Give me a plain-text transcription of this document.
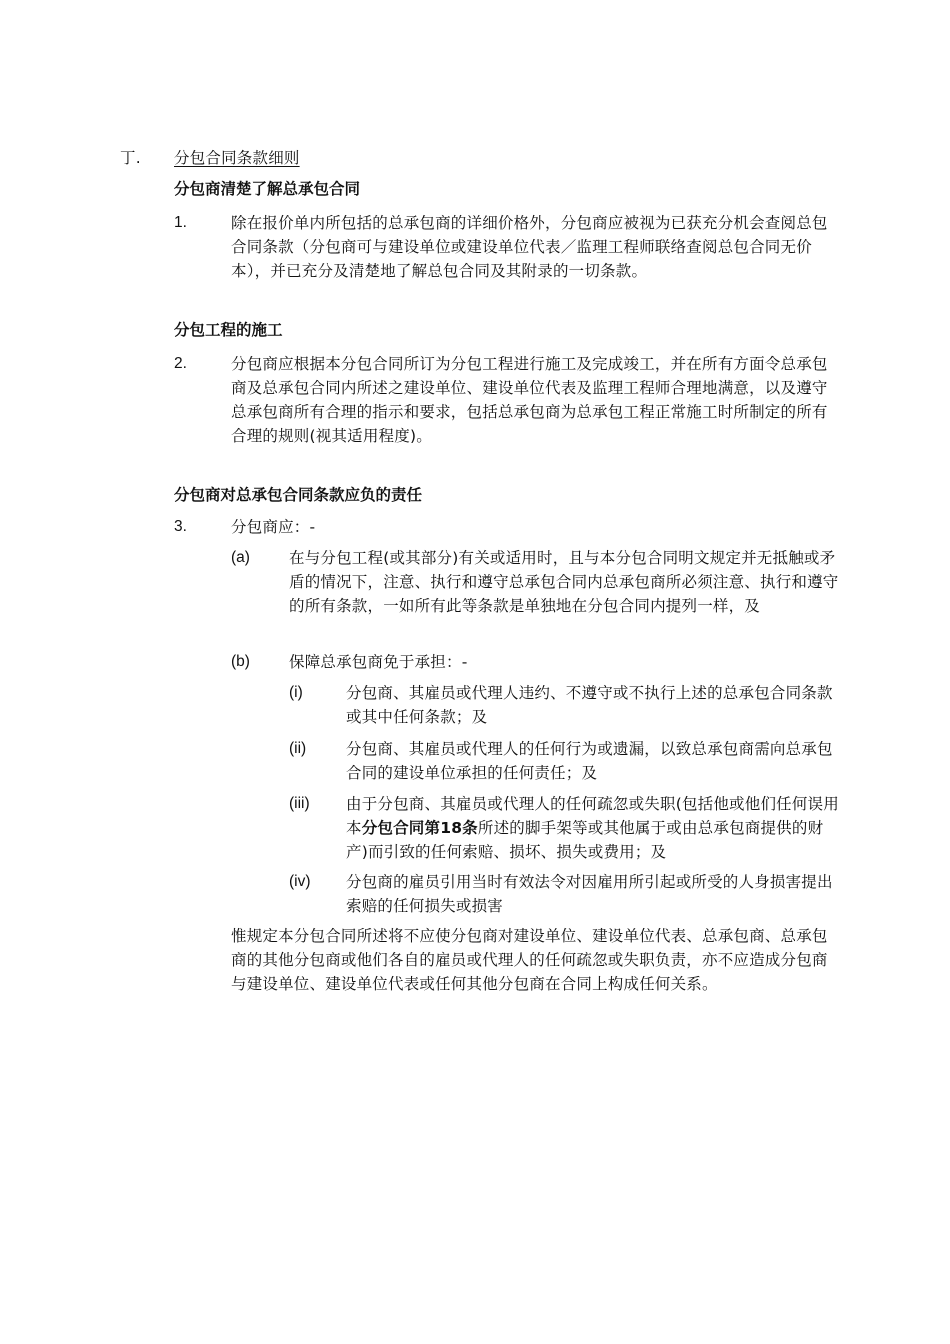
丁. 分包合同条款细则
分包商清楚了解总承包合同
1.	除在报价单内所包括的总承包商的详细价格外，分包商应被视为已获充分机会查阅总包合同条款（分包商可与建设单位或建设单位代表／监理工程师联络查阅总包合同无价本），并已充分及清楚地了解总包合同及其附录的一切条款。
分包工程的施工
2.	分包商应根据本分包合同所订为分包工程进行施工及完成竣工，并在所有方面令总承包商及总承包合同内所述之建设单位、建设单位代表及监理工程师合理地满意，以及遵守总承包商所有合理的指示和要求，包括总承包商为总承包工程正常施工时所制定的所有合理的规则(视其适用程度)。
分包商对总承包合同条款应负的责任
3.	分包商应：-
(a)	在与分包工程(或其部分)有关或适用时，且与本分包合同明文规定并无抵触或矛盾的情况下，注意、执行和遵守总承包合同内总承包商所必须注意、执行和遵守的所有条款，一如所有此等条款是单独地在分包合同内提列一样，及
(b)	保障总承包商免于承担：-
(i)	分包商、其雇员或代理人违约、不遵守或不执行上述的总承包合同条款或其中任何条款；及
(ii)	分包商、其雇员或代理人的任何行为或遗漏，以致总承包商需向总承包合同的建设单位承担的任何责任；及
(iii) 由于分包商、其雇员或代理人的任何疏忽或失职(包括他或他们任何误用本分包合同第18条所述的脚手架等或其他属于或由总承包商提供的财产)而引致的任何索赔、损坏、损失或费用；及
(iv) 分包商的雇员引用当时有效法令对因雇用所引起或所受的人身损害提出索赔的任何损失或损害
惟规定本分包合同所述将不应使分包商对建设单位、建设单位代表、总承包商、总承包商的其他分包商或他们各自的雇员或代理人的任何疏忽或失职负责，亦不应造成分包商与建设单位、建设单位代表或任何其他分包商在合同上构成任何关系。
